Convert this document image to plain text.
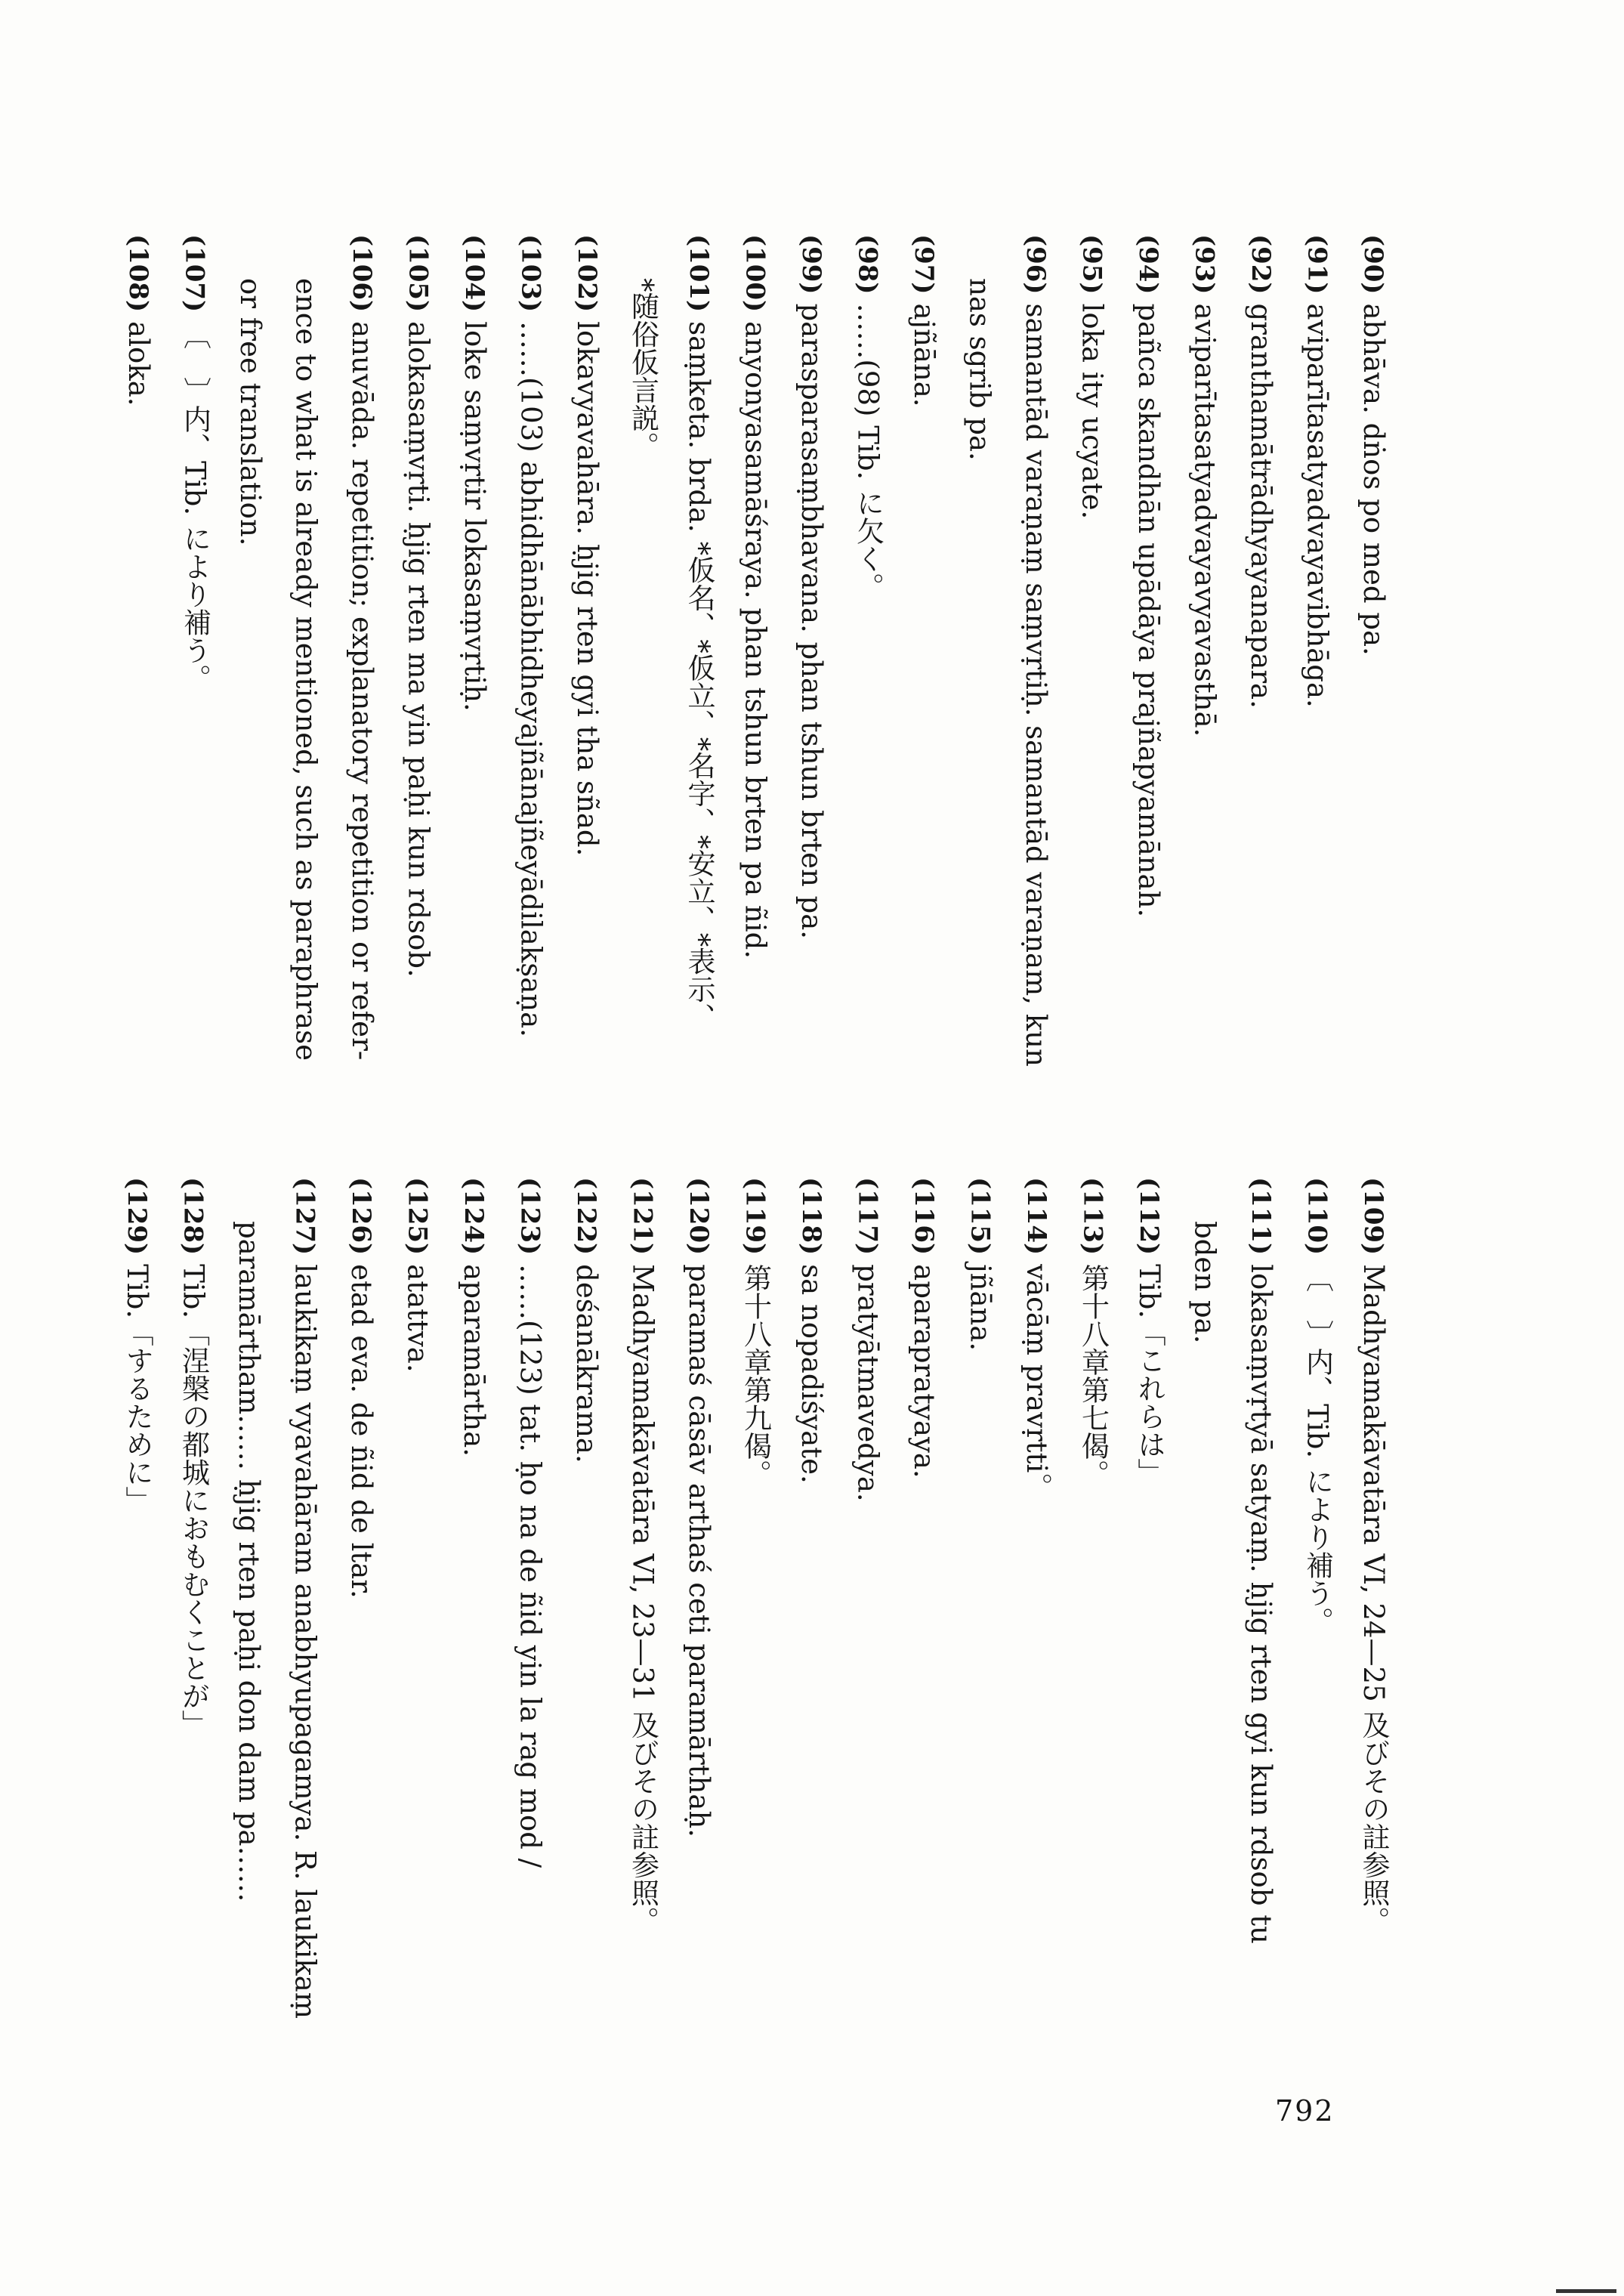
(90)abhāva. dṅos po med pa.
(91)aviparītasatyadvayavibhāga.
(92)granthamātrādhyayanapara.
(93)aviparītasatyadvayavyavasthā.
(94)pañca skandhān upādāya prajñapyamānah.
(95)loka ity ucyate.
(96)samantād varaṇaṃ saṃvṛtiḥ. samantād varaṇam, kun
nas sgrib pa.
(97)ajñāna.
(98)……(98) Tib. に欠く。
(99)parasparasaṃbhavana. phan tshun brten pa.
(100)anyonyasamāśraya. phan tshun brten pa ñid.
(101)saṃketa. brda. *仮名、*仮立、*名字、*安立、*表示、
*随俗仮言説。
(102)lokavyavahāra. ḥjig rten gyi tha sñad.
(103)……(103) abhidhānābhidheyajñānajñeyādilakṣaṇa.
(104)loke saṃvṛtir lokasaṃvṛtiḥ.
(105)alokasaṃvṛti. ḥjig rten ma yin paḥi kun rdsob.
(106)anuvāda. repetition; explanatory repetition or refer-
ence to what is already mentioned, such as paraphrase
or free translation.
(107)〔　〕内、Tib. により補う。
(108)aloka.
(109)Madhyamakāvatāra VI, 24—25 及びその註参照。
(110)〔　〕内、Tib. により補う。
(111)lokasaṃvṛtyā satyaṃ. ḥjig rten gyi kun rdsob tu
bden pa.
(112)Tib.「これらは」
(113)第十八章第七偈。
(114)vācāṃ pravṛtti。
(115)jñāna.
(116)aparapratyaya.
(117)pratyātmavedya.
(118)sa nopadiśyate.
(119)第十八章第九偈。
(120)paramaś cāsāv arthaś ceti paramārthaḥ.
(121)Madhyamakāvatāra VI, 23—31 及びその註参照。
(122)deśanākrama.
(123)……(123) tat. ḥo na de ñid yin la rag mod /
(124)aparamārtha.
(125)atattva.
(126)etad eva. de ñid de ltar.
(127)laukikaṃ vyavahāram anabhyupagamya. R. laukikaṃ
paramārtham…… ḥjig rten paḥi don dam pa……
(128)Tib.「涅槃の都城におもむくことが」
(129)Tib.「するために」
792
